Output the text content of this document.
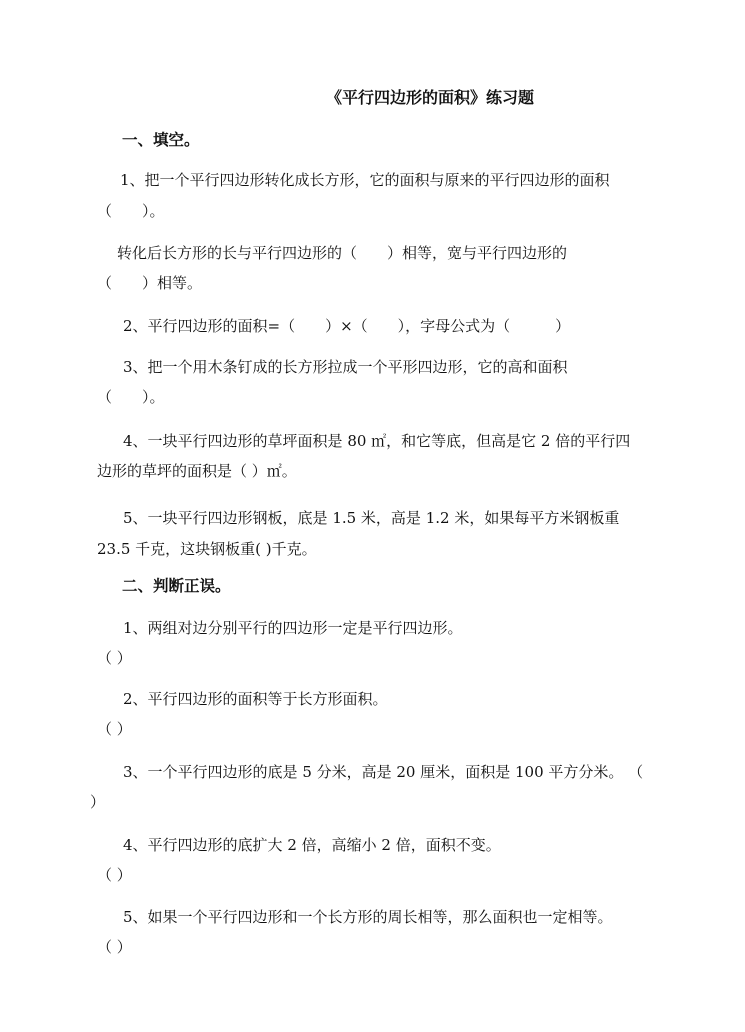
《平行四边形的面积》练习题
一、填空。
1、把一个平行四边形转化成长方形，它的面积与原来的平行四边形的面积
（　　）。
转化后长方形的长与平行四边形的（　　）相等，宽与平行四边形的
（　　）相等。
2、平行四边形的面积=（　　）×（　　），字母公式为（　　　）
3、把一个用木条钉成的长方形拉成一个平形四边形，它的高和面积
（　　）。
4、一块平行四边形的草坪面积是 80 ㎡，和它等底，但高是它 2 倍的平行四
边形的草坪的面积是（ ）㎡。
5、一块平行四边形钢板，底是 1.5 米，高是 1.2 米，如果每平方米钢板重
23.5 千克，这块钢板重( )千克。
二、判断正误。
1、两组对边分别平行的四边形一定是平行四边形。
（ ）
2、平行四边形的面积等于长方形面积。
（ ）
3、一个平行四边形的底是 5 分米，高是 20 厘米，面积是 100 平方分米。 （
）
4、平行四边形的底扩大 2 倍，高缩小 2 倍，面积不变。
（ ）
5、如果一个平行四边形和一个长方形的周长相等，那么面积也一定相等。
（ ）
